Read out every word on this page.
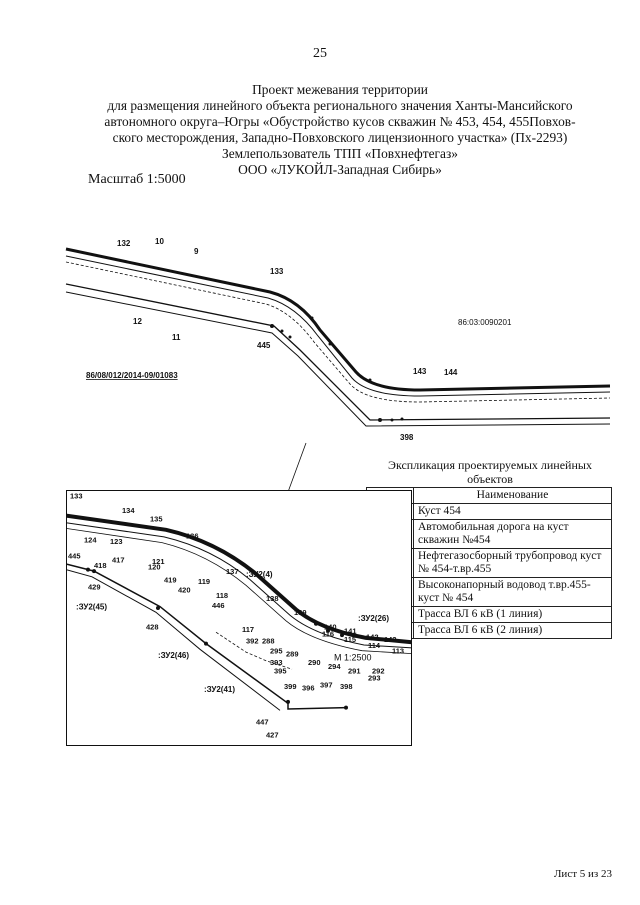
25
Проект межевания территории
для размещения линейного объекта регионального значения Ханты-Мансийского
автономного округа–Югры «Обустройство кусов скважин № 453, 454, 455Повхов-
ского месторождения, Западно-Повховского лицензионного участка» (Пх-2293)
Землепользователь ТПП «Повхнефтегаз»
ООО «ЛУКОЙЛ-Западная Сибирь»
Масштаб 1:5000
132	10
9
133
12
11
445
143 144
398
86:03:0090201
86/08/012/2014-09/01083
Экспликация проектируемых линейных объектов
	Наименование
	Куст 454
	Автомобильная дорога на куст скважин №454
	Нефтегазосборный трубопровод куст № 454-т.вр.455
	Высоконапорный водовод т.вр.455-куст № 454
	Трасса ВЛ 6 кВ (1 линия)
	Трасса ВЛ 6 кВ (2 линия)
133
134
135
136
124 123
445	417
418	121
120
429
419
420
119
137
118	138
446
428
139
117
392 288
295 289
393
395
290 294 291 292
293
140
116 141
115 142
114
143
113
399 396 397 398
447
427
:ЗУ2(4)
:ЗУ2(45)
:ЗУ2(26)
:ЗУ2(46)
:ЗУ2(41)
М 1:2500
Лист 5 из 23
